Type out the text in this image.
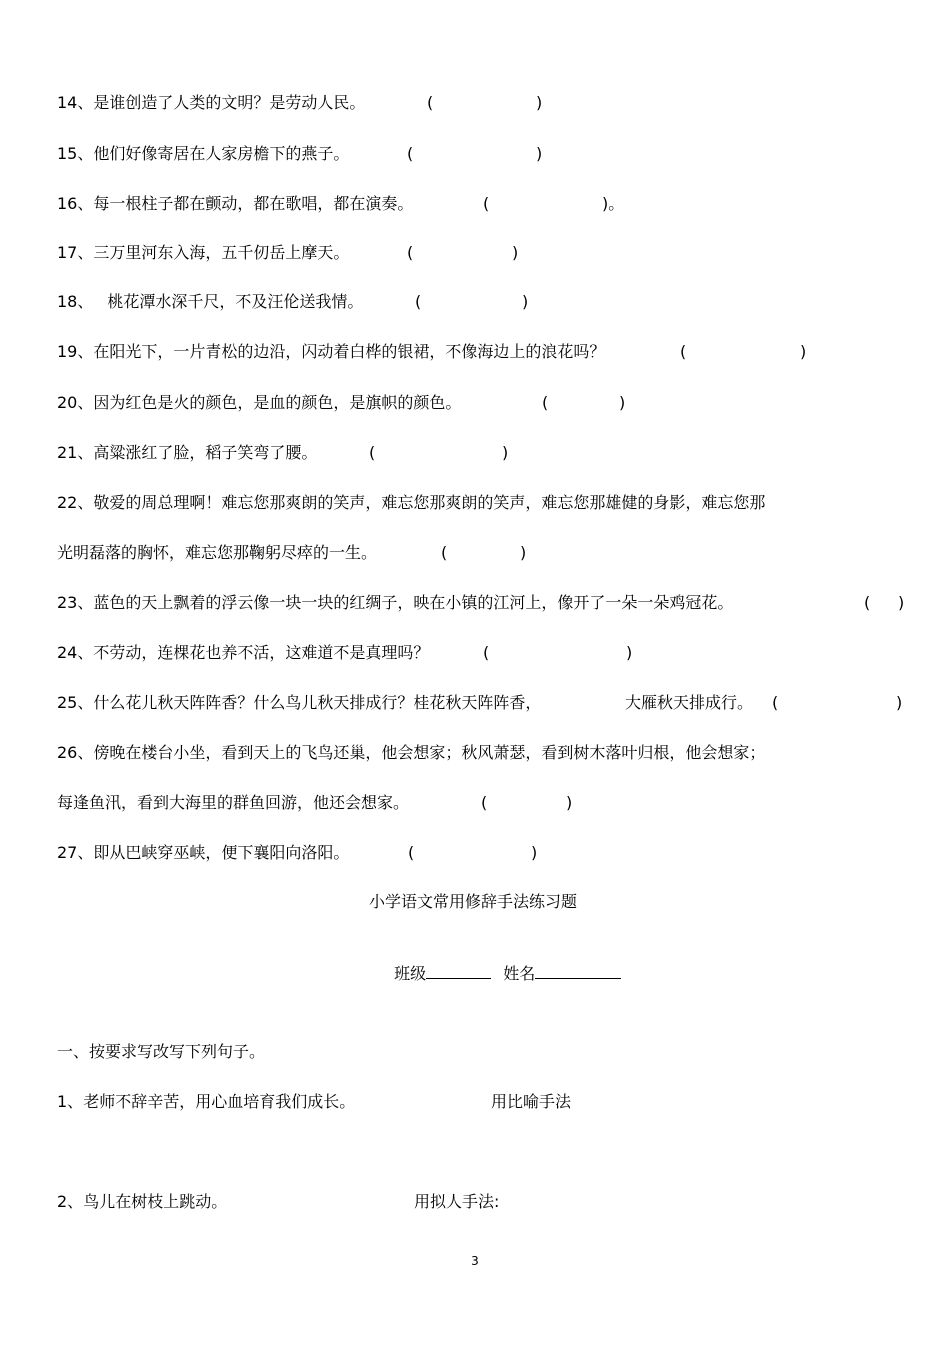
14、是谁创造了人类的文明？是劳动人民。	(	)
15、他们好像寄居在人家房檐下的燕子。	(	)
16、每一根柱子都在颤动，都在歌唱，都在演奏。	(	)。
17、三万里河东入海，五千仞岳上摩天。	(	)
18、 桃花潭水深千尺，不及汪伦送我情。	(	)
19、在阳光下，一片青松的边沿，闪动着白桦的银裙，不像海边上的浪花吗？	(	)
20、因为红色是火的颜色，是血的颜色，是旗帜的颜色。	(	)
21、高粱涨红了脸，稻子笑弯了腰。	(	)
22、敬爱的周总理啊！难忘您那爽朗的笑声，难忘您那爽朗的笑声，难忘您那雄健的身影，难忘您那
光明磊落的胸怀，难忘您那鞠躬尽瘁的一生。	(	)
23、蓝色的天上飘着的浮云像一块一块的红绸子，映在小镇的江河上，像开了一朵一朵鸡冠花。	( )
24、不劳动，连棵花也养不活，这难道不是真理吗？	(	)
25、什么花儿秋天阵阵香？什么鸟儿秋天排成行？桂花秋天阵阵香，	大雁秋天排成行。 (	)
26、傍晚在楼台小坐，看到天上的飞鸟还巢，他会想家；秋风萧瑟，看到树木落叶归根，他会想家；
每逢鱼汛，看到大海里的群鱼回游，他还会想家。	(	)
27、即从巴峡穿巫峡，便下襄阳向洛阳。	(	)
小学语文常用修辞手法练习题

班级	姓名

一、按要求写改写下列句子。
1、老师不辞辛苦，用心血培育我们成长。	用比喻手法
2、鸟儿在树枝上跳动。	用拟人手法:
3
